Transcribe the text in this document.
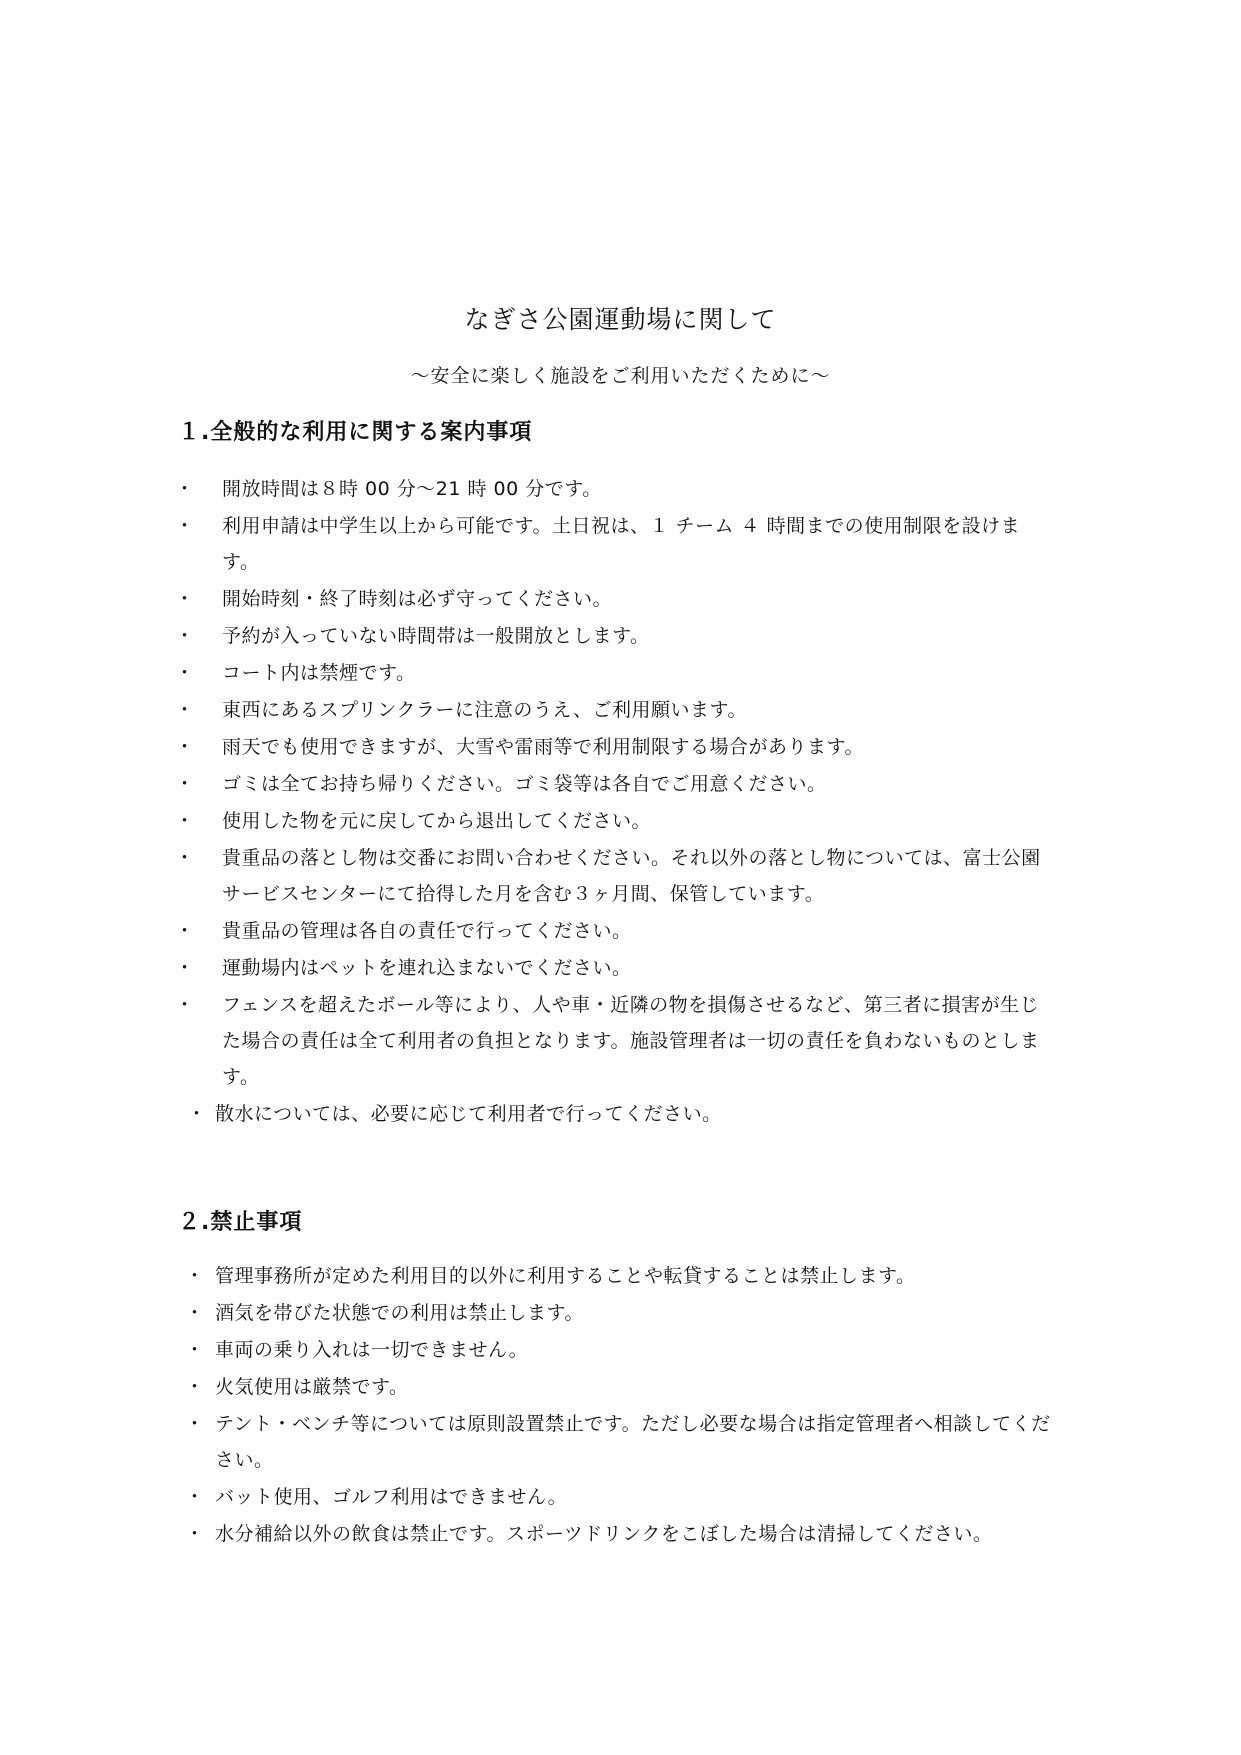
なぎさ公園運動場に関して
〜安全に楽しく施設をご利用いただくために〜
１.全般的な利用に関する案内事項
・ 開放時間は８時 00 分〜21 時 00 分です。
・ 利用申請は中学生以上から可能です。土日祝は、１ チーム ４ 時間までの使用制限を設けます。
・ 開始時刻・終了時刻は必ず守ってください。
・ 予約が入っていない時間帯は一般開放とします。
・ コート内は禁煙です。
・ 東西にあるスプリンクラーに注意のうえ、ご利用願います。
・ 雨天でも使用できますが、大雪や雷雨等で利用制限する場合があります。
・ ゴミは全てお持ち帰りください。ゴミ袋等は各自でご用意ください。
・ 使用した物を元に戻してから退出してください。
・ 貴重品の落とし物は交番にお問い合わせください。それ以外の落とし物については、富士公園サービスセンターにて拾得した月を含む３ヶ月間、保管しています。
・ 貴重品の管理は各自の責任で行ってください。
・ 運動場内はペットを連れ込まないでください。
・ フェンスを超えたボール等により、人や車・近隣の物を損傷させるなど、第三者に損害が生じた場合の責任は全て利用者の負担となります。施設管理者は一切の責任を負わないものとします。
・ 散水については、必要に応じて利用者で行ってください。
２.禁止事項
・ 管理事務所が定めた利用目的以外に利用することや転貸することは禁止します。
・ 酒気を帯びた状態での利用は禁止します。
・ 車両の乗り入れは一切できません。
・ 火気使用は厳禁です。
・ テント・ベンチ等については原則設置禁止です。ただし必要な場合は指定管理者へ相談してください。
・ バット使用、ゴルフ利用はできません。
・ 水分補給以外の飲食は禁止です。スポーツドリンクをこぼした場合は清掃してください。
